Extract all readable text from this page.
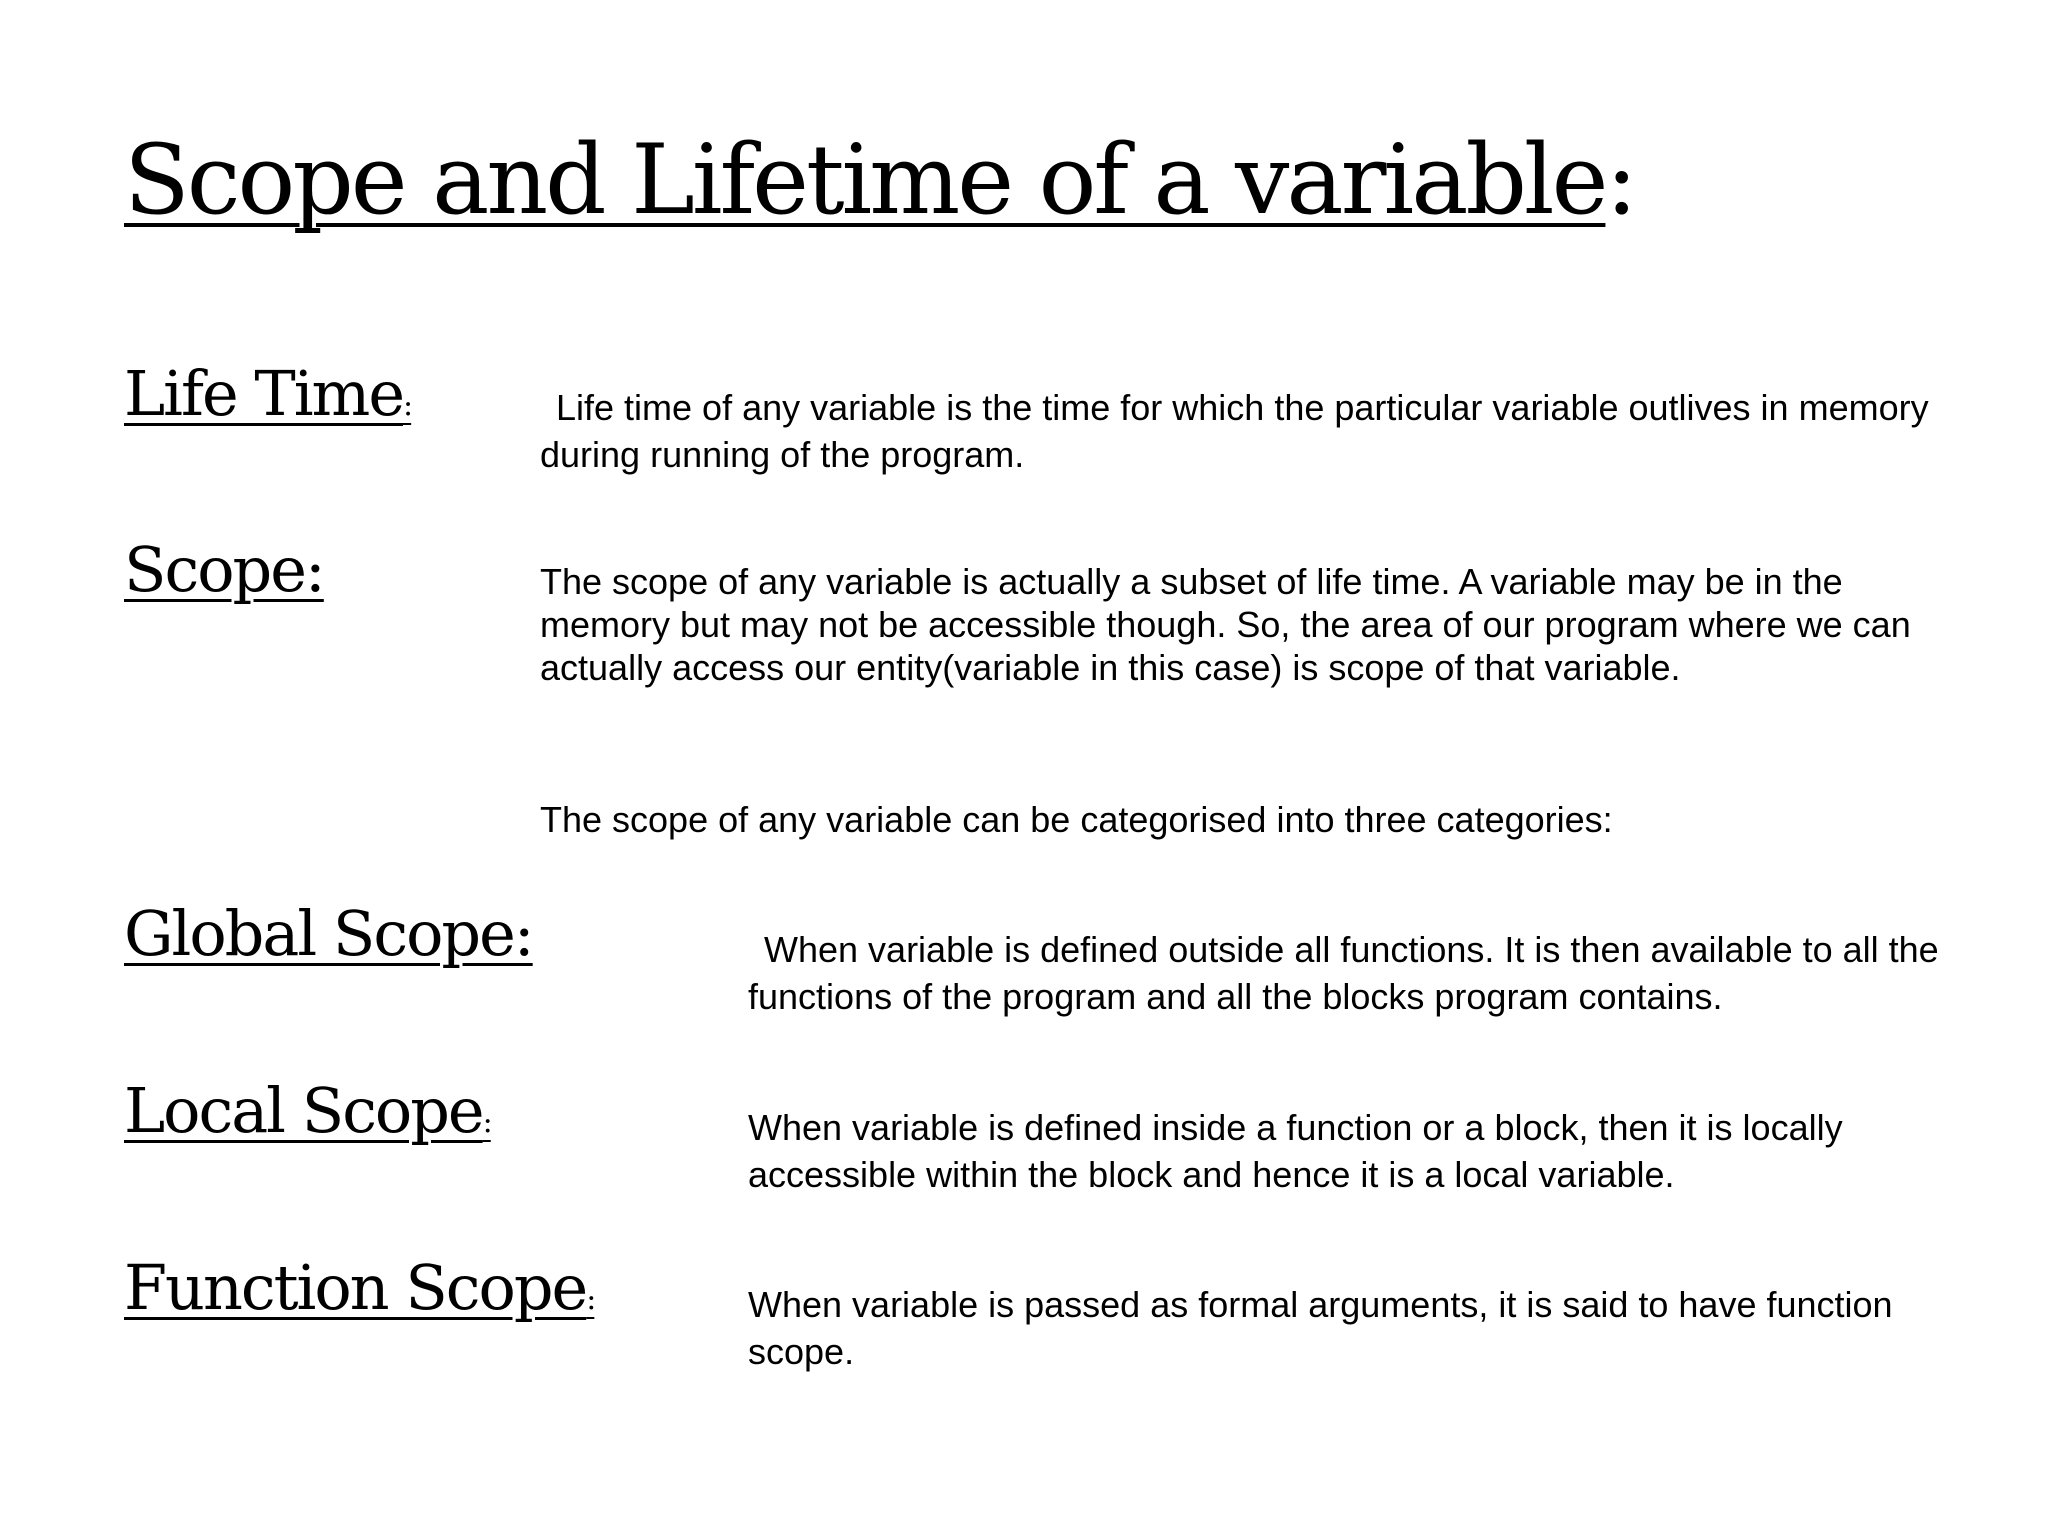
Scope and Lifetime of a variable:
Life Time:	Life time of any variable is the time for which the particular variable outlives in memory during running of the program.

Scope:	The scope of any variable is actually a subset of life time. A variable may be in the memory but may not be accessible though. So, the area of our program where we can actually access our entity(variable in this case) is scope of that variable.

The scope of any variable can be categorised into three categories:

Global Scope:	When variable is defined outside all functions. It is then available to all the functions of the program and all the blocks program contains.

Local Scope:	When variable is defined inside a function or a block, then it is locally accessible within the block and hence it is a local variable.

Function Scope:	When variable is passed as formal arguments, it is said to have function scope.
